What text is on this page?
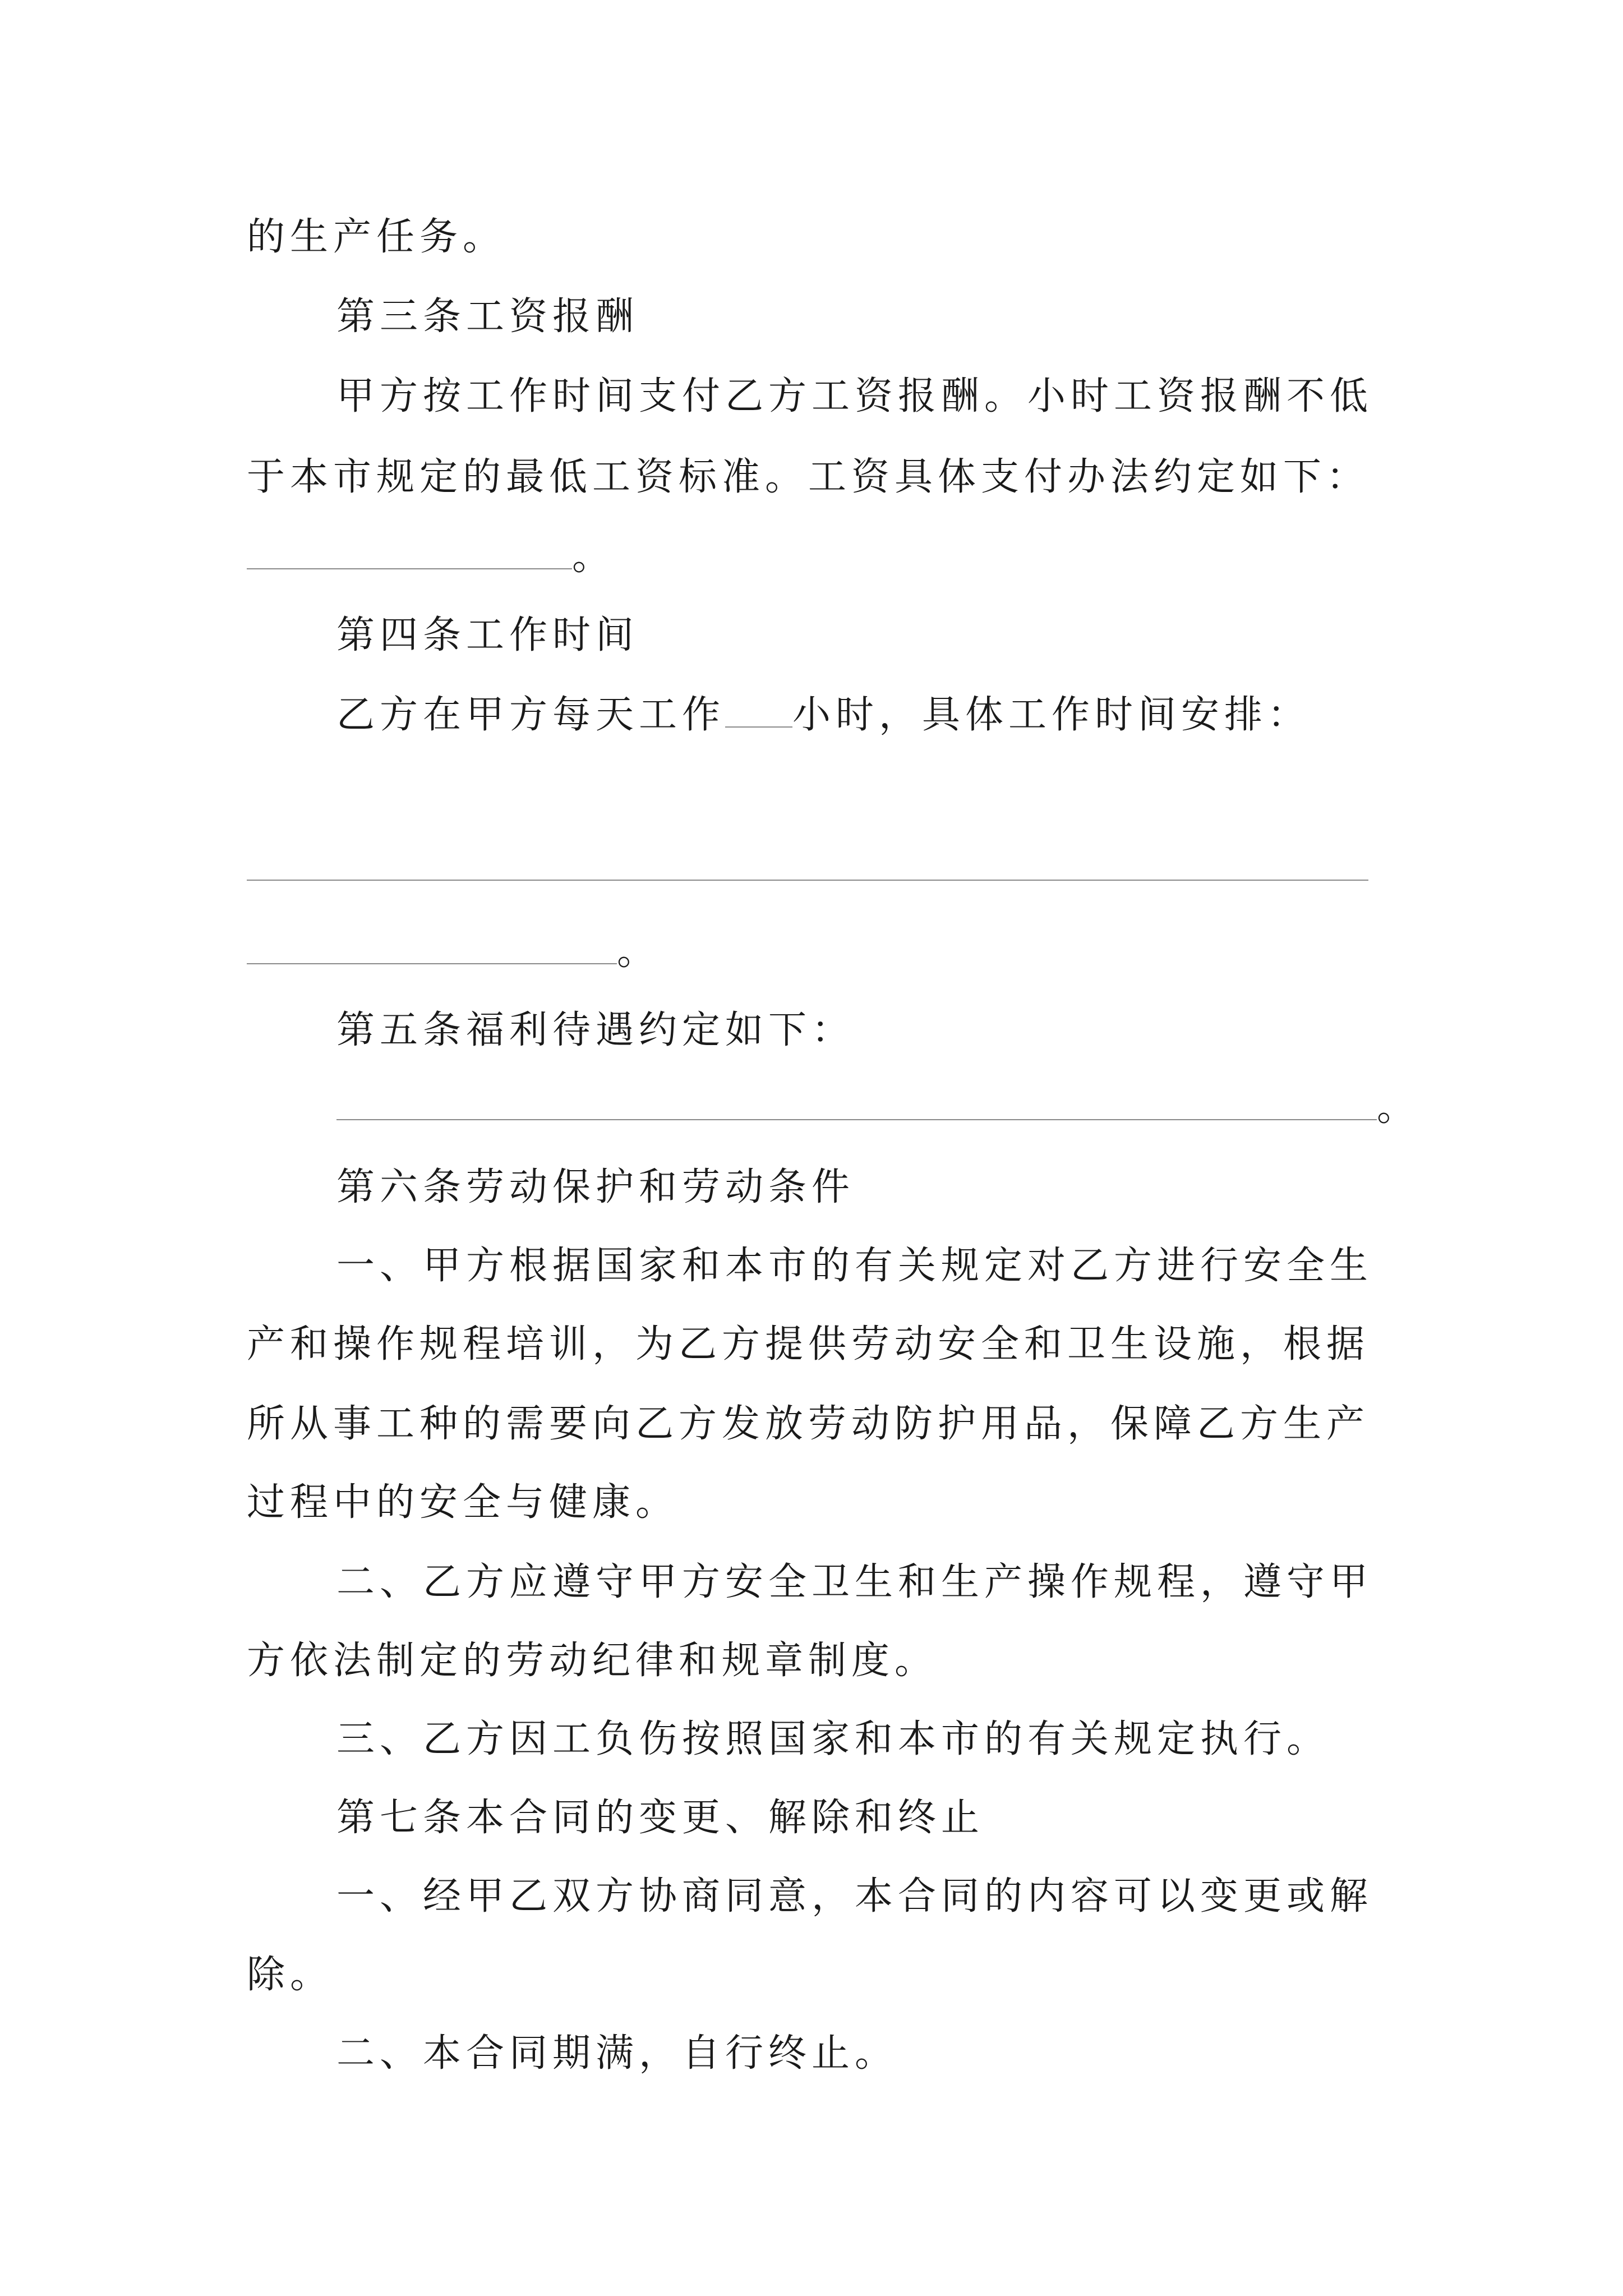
的生产任务。
第三条工资报酬
甲方按工作时间支付乙方工资报酬。小时工资报酬不低
于本市规定的最低工资标准。工资具体支付办法约定如下：
。
第四条工作时间
乙方在甲方每天工作 小时，具体工作时间安排：
。
第五条福利待遇约定如下：
。
第六条劳动保护和劳动条件
一、甲方根据国家和本市的有关规定对乙方进行安全生
产和操作规程培训，为乙方提供劳动安全和卫生设施，根据
所从事工种的需要向乙方发放劳动防护用品，保障乙方生产
过程中的安全与健康。
二、乙方应遵守甲方安全卫生和生产操作规程，遵守甲
方依法制定的劳动纪律和规章制度。
三、乙方因工负伤按照国家和本市的有关规定执行。
第七条本合同的变更、解除和终止
一、经甲乙双方协商同意，本合同的内容可以变更或解
除。
二、本合同期满，自行终止。
